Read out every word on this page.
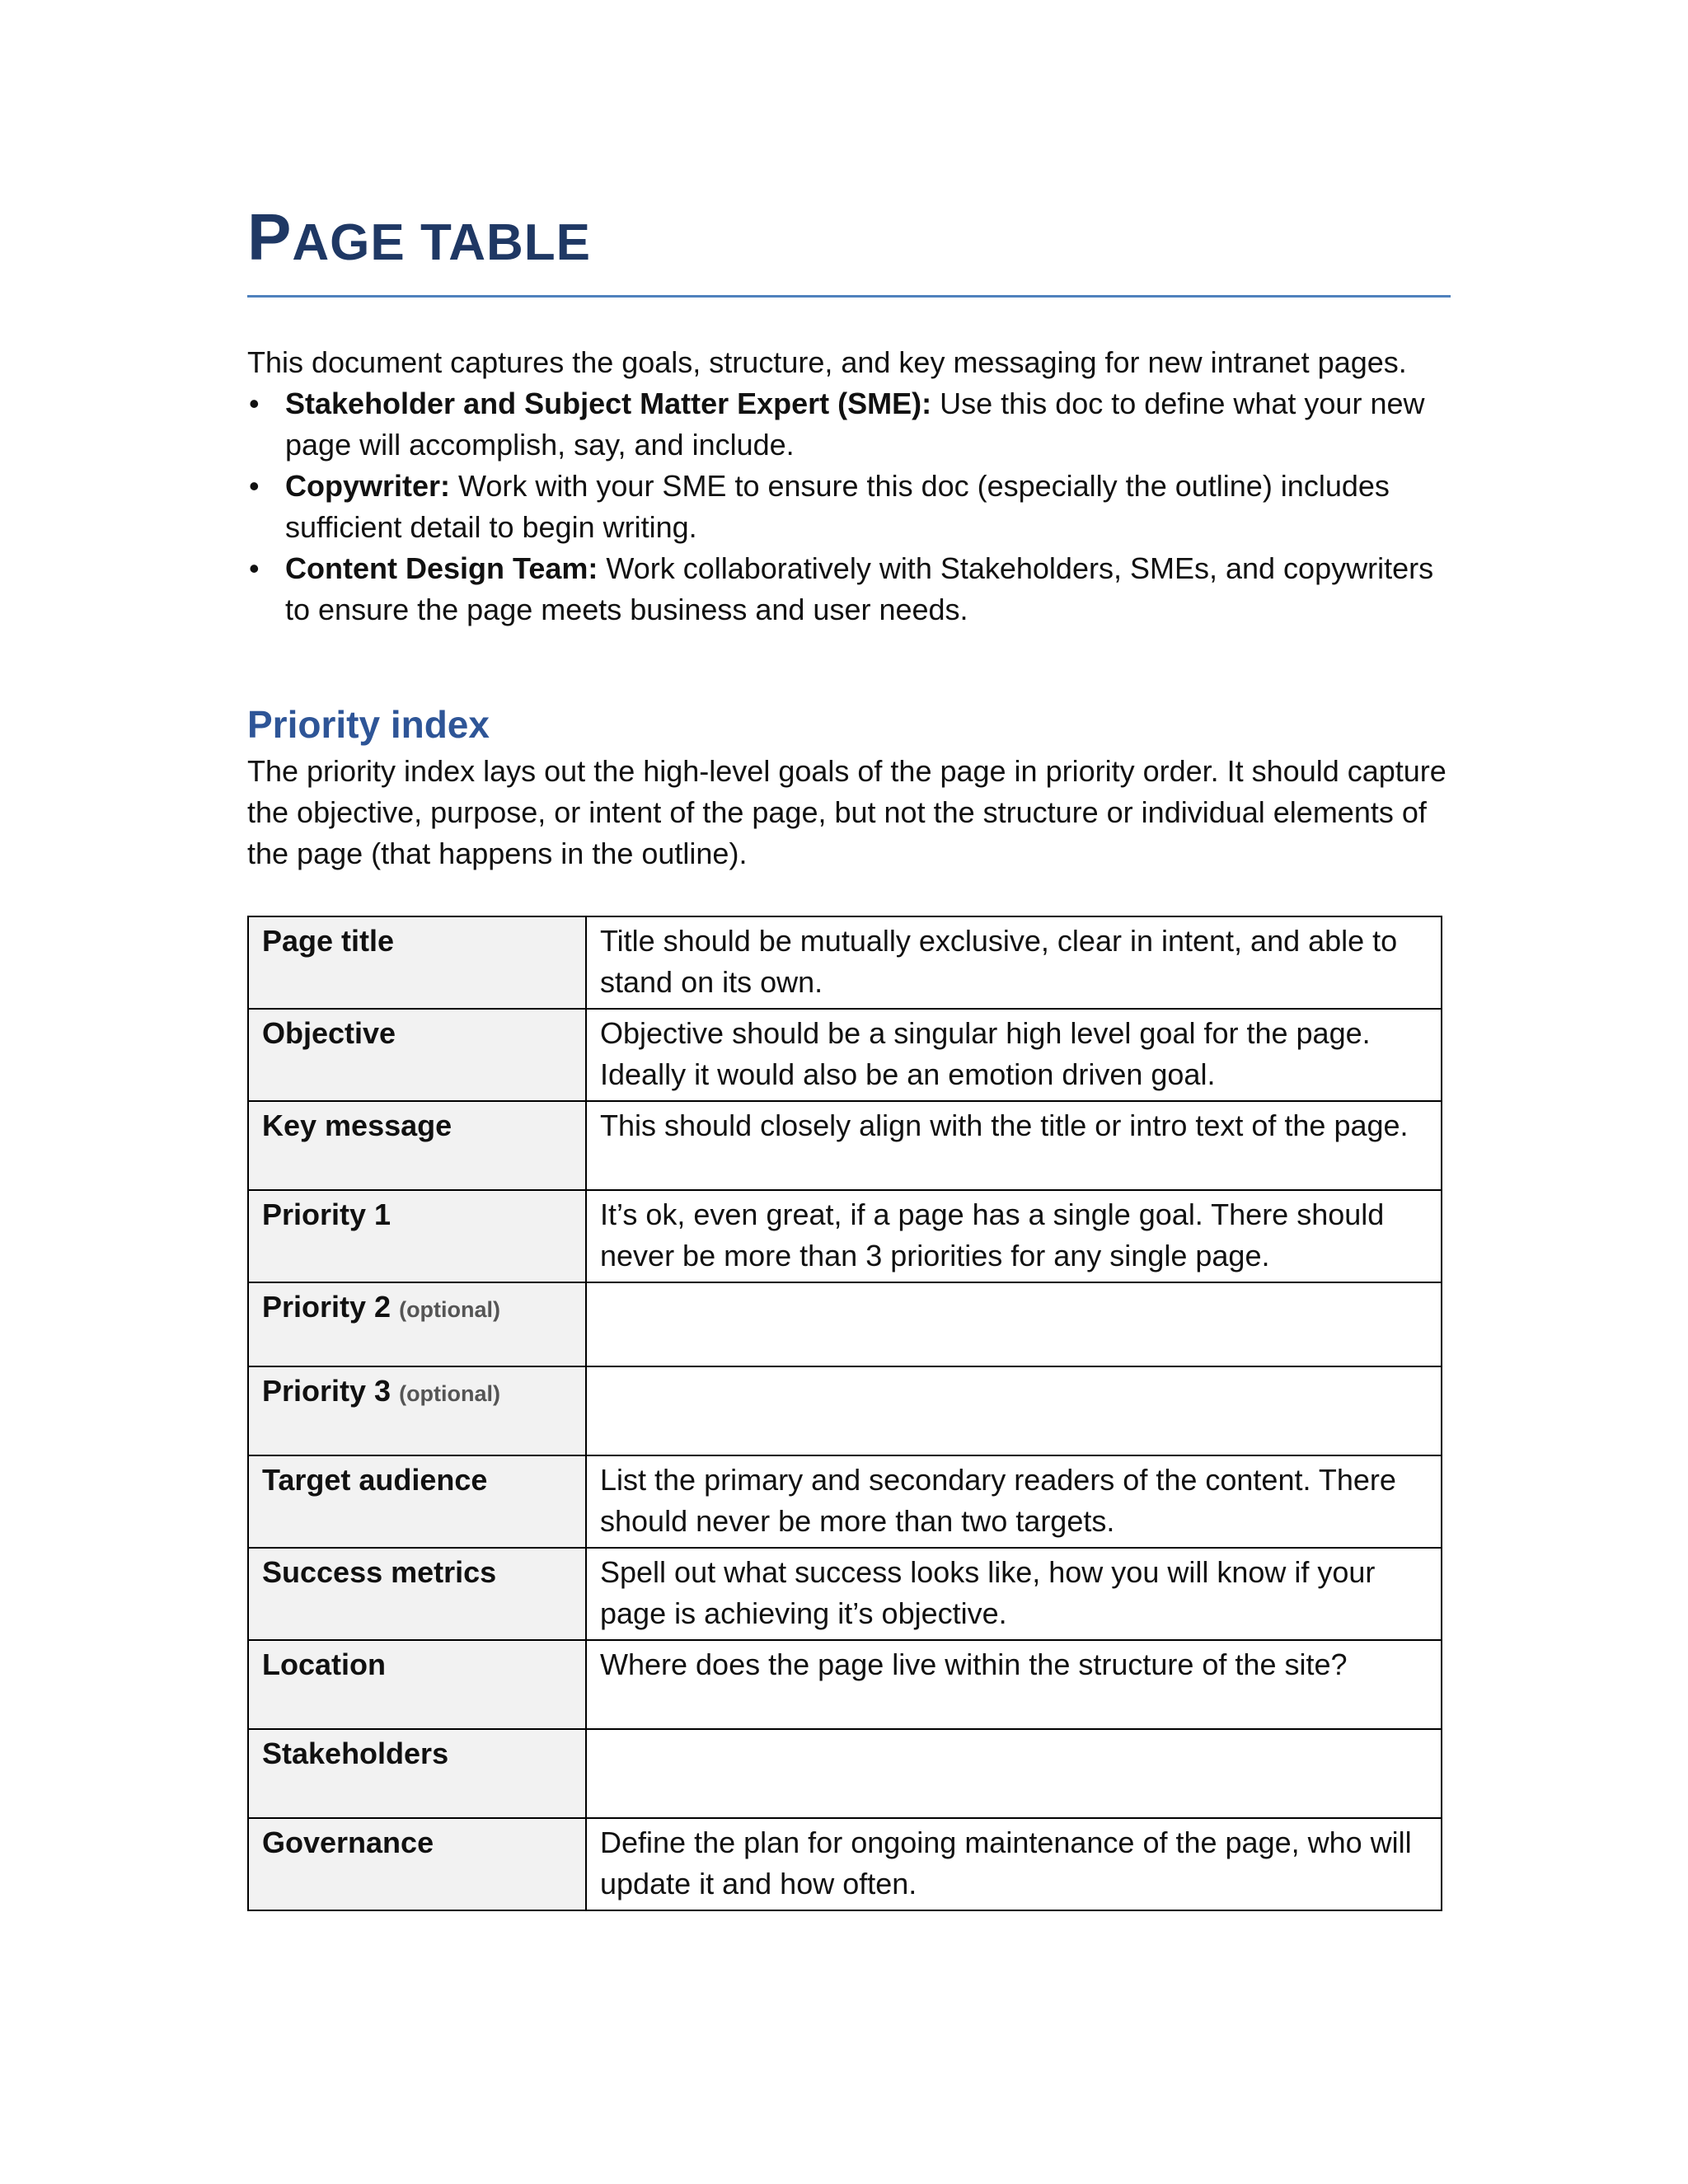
PAGE TABLE
This document captures the goals, structure, and key messaging for new intranet pages.
• Stakeholder and Subject Matter Expert (SME): Use this doc to define what your new page will accomplish, say, and include.
• Copywriter: Work with your SME to ensure this doc (especially the outline) includes sufficient detail to begin writing.
• Content Design Team: Work collaboratively with Stakeholders, SMEs, and copywriters to ensure the page meets business and user needs.
Priority index
The priority index lays out the high-level goals of the page in priority order. It should capture the objective, purpose, or intent of the page, but not the structure or individual elements of the page (that happens in the outline).
Page title	Title should be mutually exclusive, clear in intent, and able to stand on its own.
Objective	Objective should be a singular high level goal for the page. Ideally it would also be an emotion driven goal.
Key message	This should closely align with the title or intro text of the page.
Priority 1	It’s ok, even great, if a page has a single goal. There should never be more than 3 priorities for any single page.
Priority 2 (optional)	
Priority 3 (optional)	
Target audience	List the primary and secondary readers of the content. There should never be more than two targets.
Success metrics	Spell out what success looks like, how you will know if your page is achieving it’s objective.
Location	Where does the page live within the structure of the site?
Stakeholders	
Governance	Define the plan for ongoing maintenance of the page, who will update it and how often.
